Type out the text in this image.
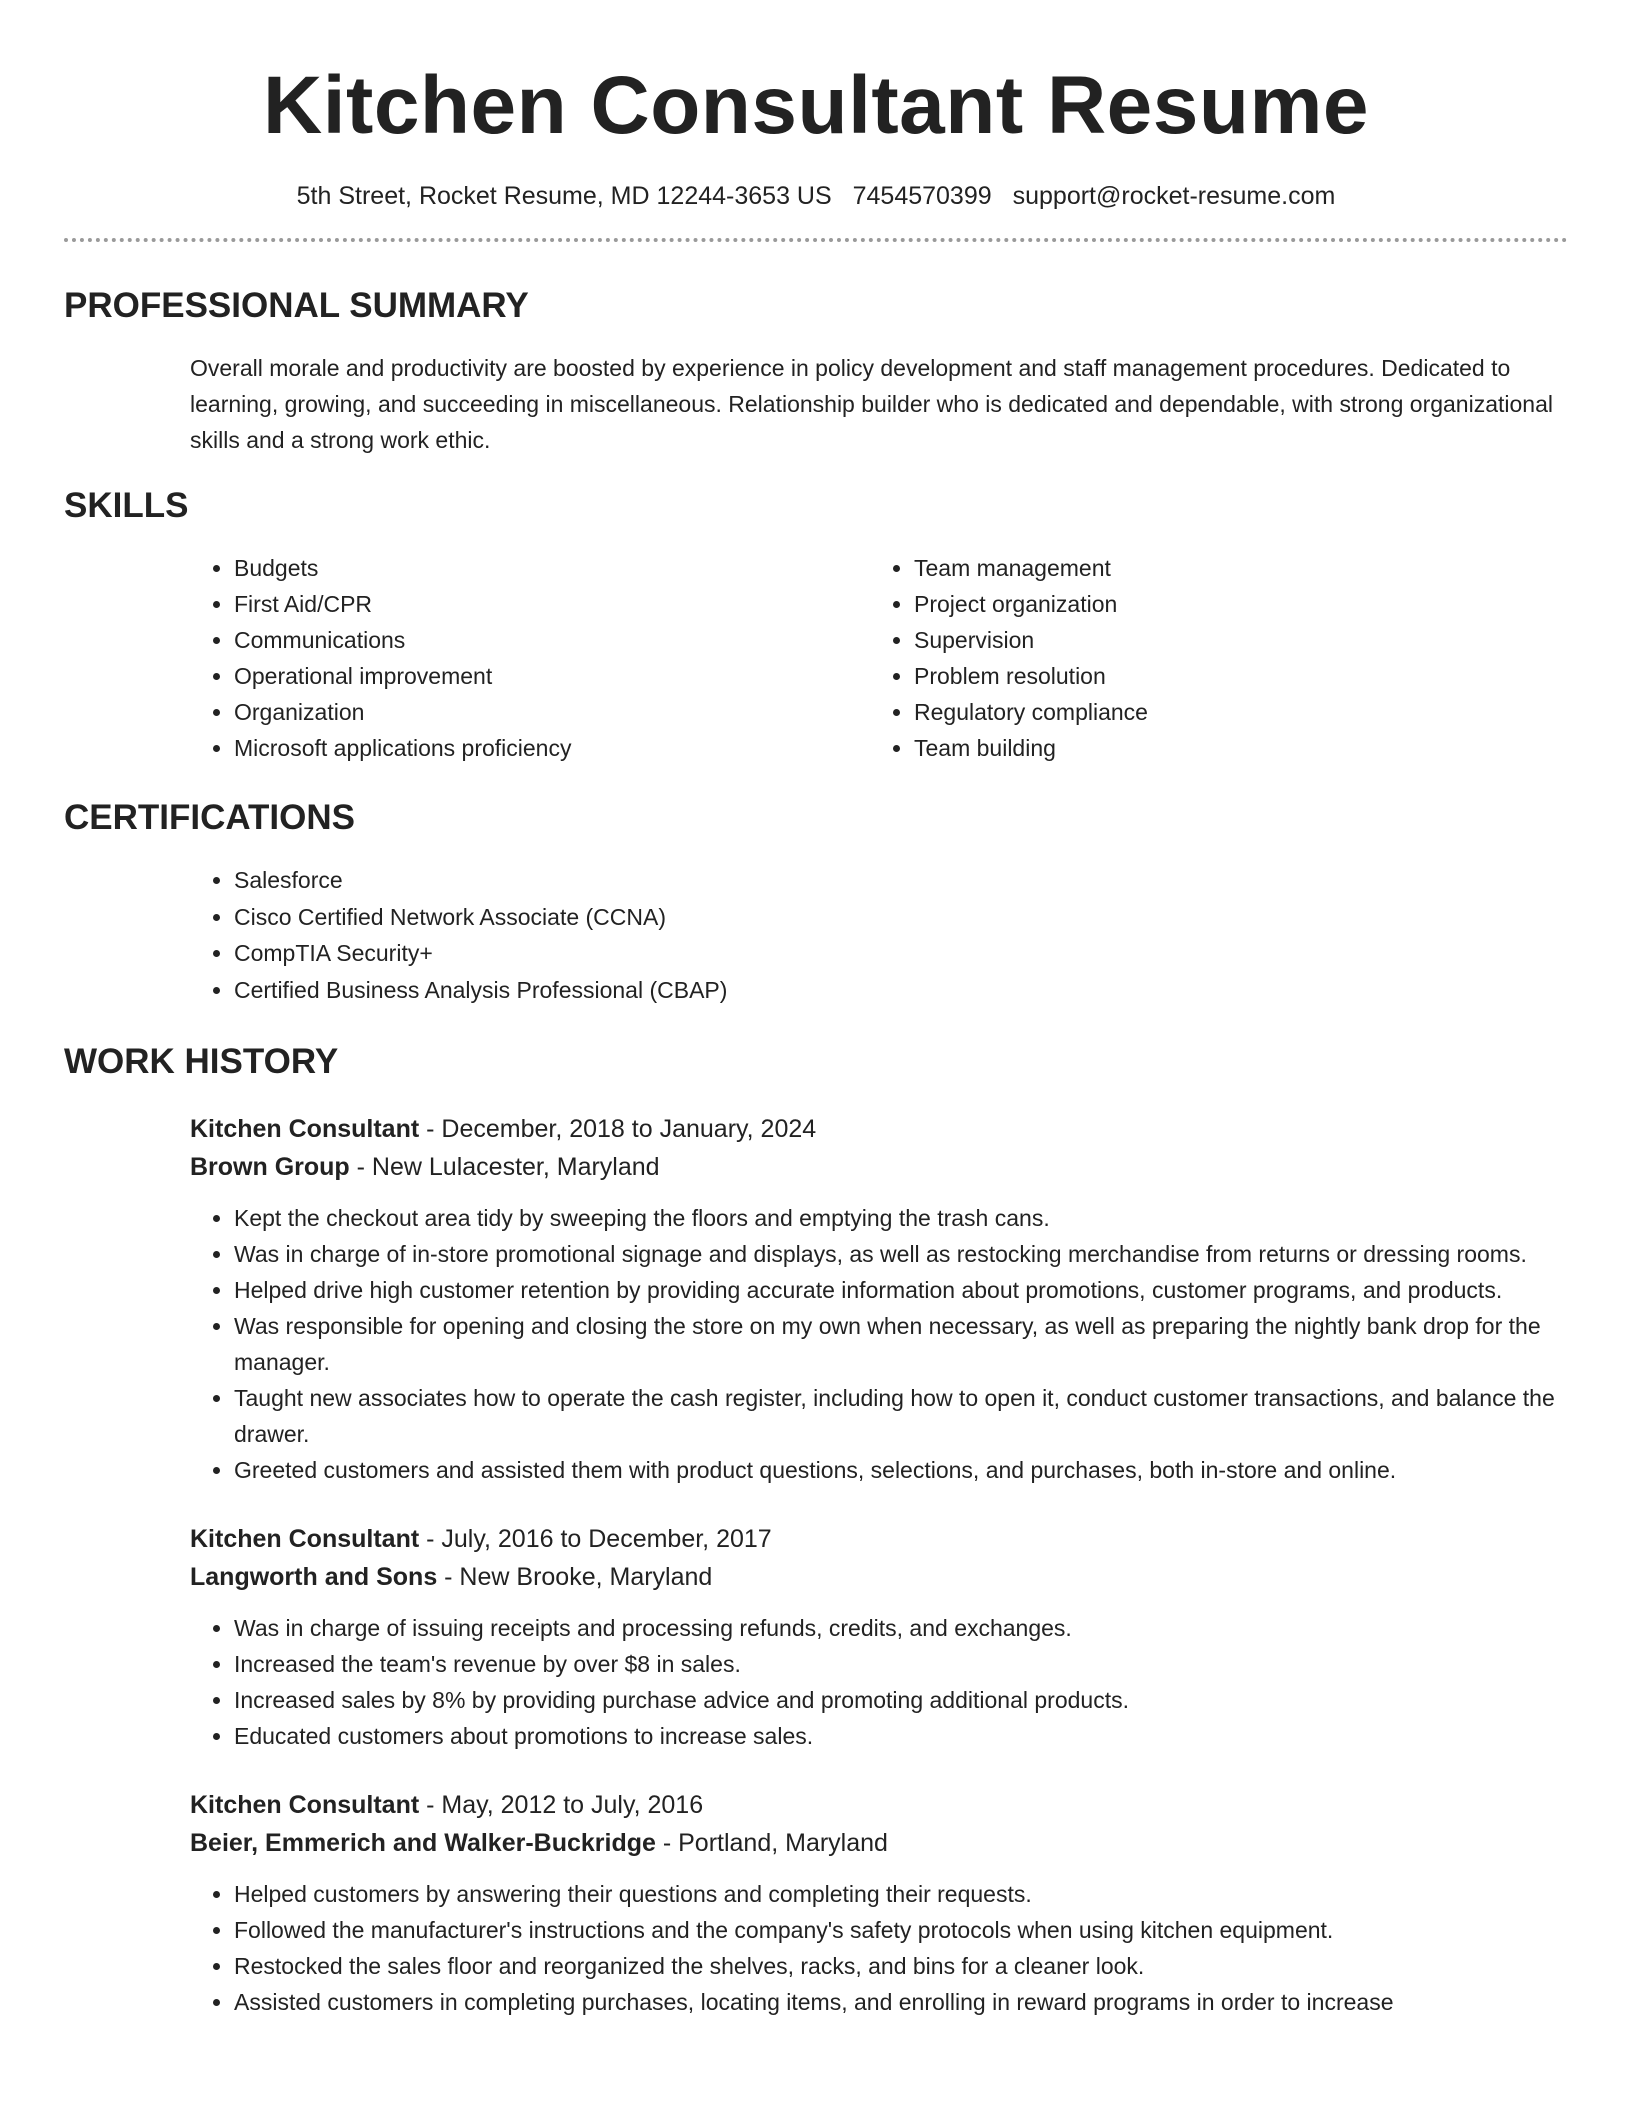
Kitchen Consultant Resume
5th Street, Rocket Resume, MD 12244-3653 US 7454570399 support@rocket-resume.com
PROFESSIONAL SUMMARY

Overall morale and productivity are boosted by experience in policy development and staff management procedures. Dedicated to learning, growing, and succeeding in miscellaneous. Relationship builder who is dedicated and dependable, with strong organizational skills and a strong work ethic.

SKILLS
• Budgets
• First Aid/CPR
• Communications
• Operational improvement
• Organization
• Microsoft applications proficiency
• Team management
• Project organization
• Supervision
• Problem resolution
• Regulatory compliance
• Team building
CERTIFICATIONS
• Salesforce
• Cisco Certified Network Associate (CCNA)
• CompTIA Security+
• Certified Business Analysis Professional (CBAP)
WORK HISTORY
Kitchen Consultant - December, 2018 to January, 2024
Brown Group - New Lulacester, Maryland
• Kept the checkout area tidy by sweeping the floors and emptying the trash cans.
• Was in charge of in-store promotional signage and displays, as well as restocking merchandise from returns or dressing rooms.
• Helped drive high customer retention by providing accurate information about promotions, customer programs, and products.
• Was responsible for opening and closing the store on my own when necessary, as well as preparing the nightly bank drop for the manager.
• Taught new associates how to operate the cash register, including how to open it, conduct customer transactions, and balance the drawer.
• Greeted customers and assisted them with product questions, selections, and purchases, both in-store and online.
Kitchen Consultant - July, 2016 to December, 2017
Langworth and Sons - New Brooke, Maryland
• Was in charge of issuing receipts and processing refunds, credits, and exchanges.
• Increased the team's revenue by over $8 in sales.
• Increased sales by 8% by providing purchase advice and promoting additional products.
• Educated customers about promotions to increase sales.
Kitchen Consultant - May, 2012 to July, 2016
Beier, Emmerich and Walker-Buckridge - Portland, Maryland
• Helped customers by answering their questions and completing their requests.
• Followed the manufacturer's instructions and the company's safety protocols when using kitchen equipment.
• Restocked the sales floor and reorganized the shelves, racks, and bins for a cleaner look.
• Assisted customers in completing purchases, locating items, and enrolling in reward programs in order to increase
